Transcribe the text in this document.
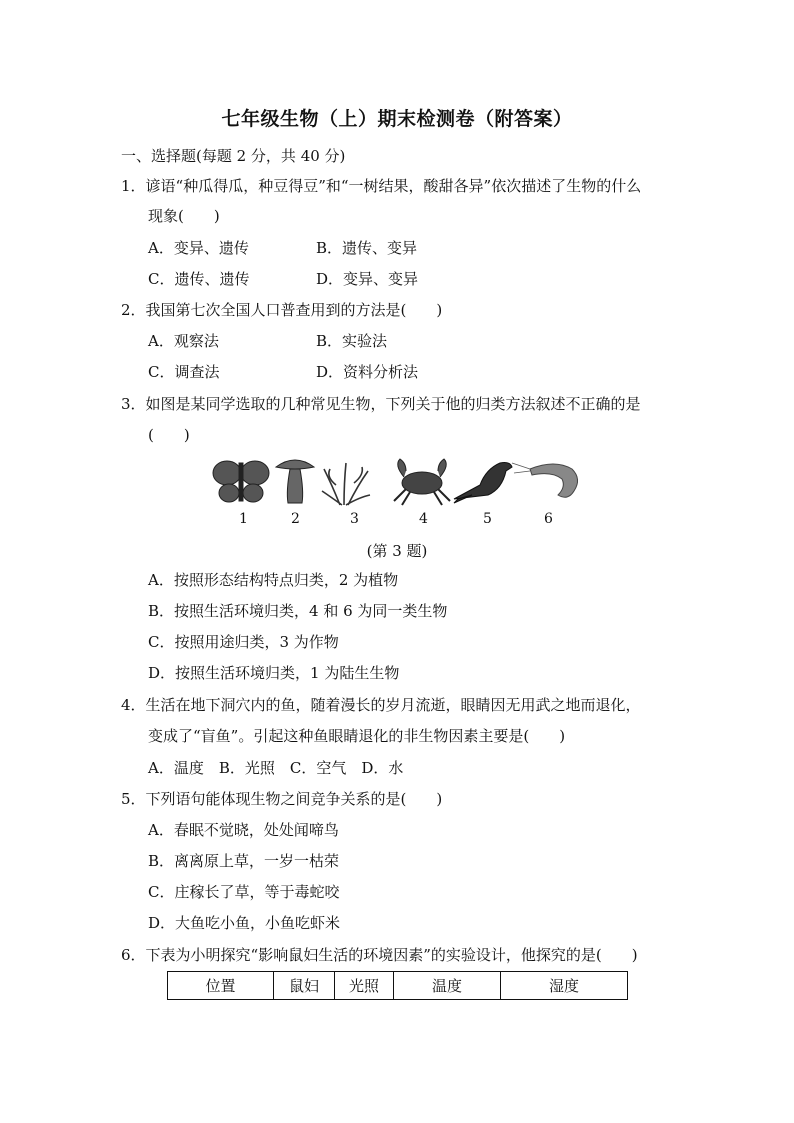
七年级生物（上）期末检测卷（附答案）
一、选择题(每题 2 分，共 40 分)
1．谚语“种瓜得瓜，种豆得豆”和“一树结果，酸甜各异”依次描述了生物的什么
现象(　　)
A．变异、遗传	B．遗传、变异
C．遗传、遗传	D．变异、变异
2．我国第七次全国人口普查用到的方法是(　　)
A．观察法	B．实验法
C．调查法	D．资料分析法
3．如图是某同学选取的几种常见生物，下列关于他的归类方法叙述不正确的是
(　　)
1	2	3	4	5	6
(第 3 题)
A．按照形态结构特点归类，2 为植物
B．按照生活环境归类，4 和 6 为同一类生物
C．按照用途归类，3 为作物
D．按照生活环境归类，1 为陆生生物
4．生活在地下洞穴内的鱼，随着漫长的岁月流逝，眼睛因无用武之地而退化，
变成了“盲鱼”。引起这种鱼眼睛退化的非生物因素主要是(　　)
A．温度　B．光照　C．空气　D．水
5．下列语句能体现生物之间竞争关系的是(　　)
A．春眠不觉晓，处处闻啼鸟
B．离离原上草，一岁一枯荣
C．庄稼长了草，等于毒蛇咬
D．大鱼吃小鱼，小鱼吃虾米
6．下表为小明探究“影响鼠妇生活的环境因素”的实验设计，他探究的是(　　)
位置	鼠妇	光照	温度	湿度
